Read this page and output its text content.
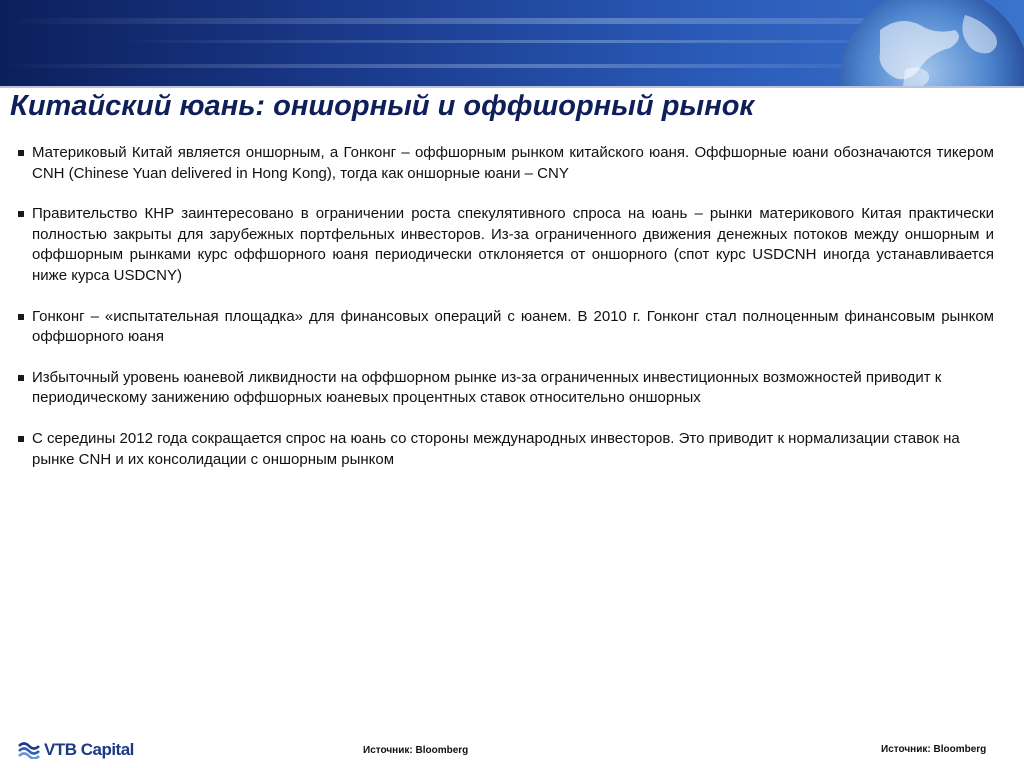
Китайский юань: оншорный и оффшорный рынок
Материковый Китай является оншорным, а Гонконг – оффшорным рынком китайского юаня. Оффшорные юани обозначаются тикером CNH (Chinese Yuan delivered in Hong Kong), тогда как оншорные юани – CNY
Правительство КНР заинтересовано в ограничении роста спекулятивного спроса на юань – рынки материкового Китая практически полностью закрыты для зарубежных портфельных инвесторов. Из-за ограниченного движения денежных потоков между оншорным и оффшорным рынками курс оффшорного юаня периодически отклоняется от оншорного (спот курс USDCNH иногда устанавливается ниже курса USDCNY)
Гонконг – «испытательная площадка» для финансовых операций с юанем. В 2010 г. Гонконг стал полноценным финансовым рынком оффшорного юаня
Избыточный уровень юаневой ликвидности на оффшорном рынке из-за ограниченных инвестиционных возможностей приводит к периодическому занижению оффшорных юаневых процентных ставок относительно оншорных
С середины 2012 года сокращается спрос на юань со стороны международных инвесторов. Это приводит к нормализации ставок на рынке CNH и их консолидации с оншорным рынком
VTB Capital	Источник: Bloomberg	Источник: Bloomberg
